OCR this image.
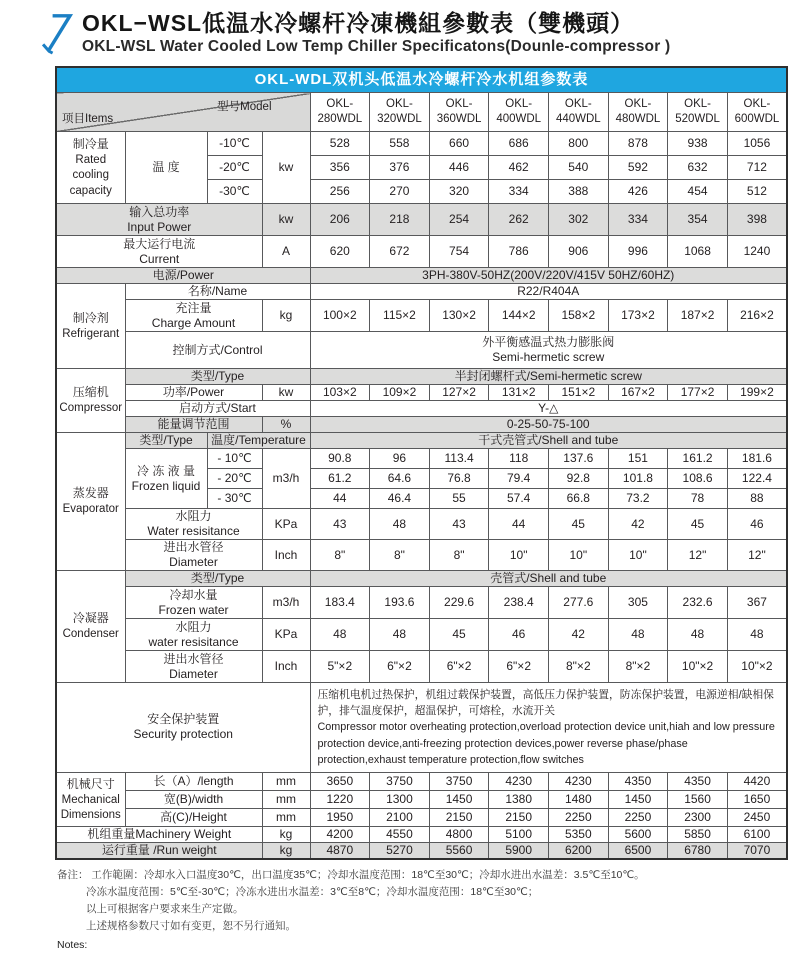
OKL−WSL低温水冷螺杆冷凍機組參數表（雙機頭）
OKL-WSL Water Cooled Low Temp Chiller Specificatons(Dounle-compressor )
OKL-WDL双机头低温水冷螺杆冷水机组参数表											

项目Items
型号Model				OKL-280WDL	OKL-320WDL	OKL-360WDL	OKL-400WDL	OKL-440WDL	OKL-480WDL	OKL-520WDL	OKL-600WDL
制冷量
Rated cooling capacity	温 度	-10℃	kw	528	558	660	686	800	878	938	1056
		-20℃		356	376	446	462	540	592	632	712
		-30℃		256	270	320	334	388	426	454	512
输入总功率
Input Power			kw	206	218	254	262	302	334	354	398
最大运行电流
Current			A	620	672	754	786	906	996	1068	1240
电源/Power				3PH-380V-50HZ(200V/220V/415V 50HZ/60HZ)							
制冷剂
Refrigerant	名称/Name			R22/R404A							
	充注量
Charge Amount		kg	100×2	115×2	130×2	144×2	158×2	173×2	187×2	216×2
	控制方式/Control			外平衡感温式热力膨胀阀
Semi-hermetic screw							
压缩机
Compressor	类型/Type			半封闭螺杆式/Semi-hermetic screw							
	功率/Power		kw	103×2	109×2	127×2	131×2	151×2	167×2	177×2	199×2
	启动方式/Start			Y-△							
	能量调节范围		%	0-25-50-75-100							
蒸发器
Evaporator	类型/Type	温度/Temperature		干式壳管式/Shell and tube							
	冷 冻 液 量
Frozen liquid	- 10℃	m3/h	90.8	96	113.4	118	137.6	151	161.2	181.6
		- 20℃		61.2	64.6	76.8	79.4	92.8	101.8	108.6	122.4
		- 30℃		44	46.4	55	57.4	66.8	73.2	78	88
	水阻力
Water resisitance		KPa	43	48	43	44	45	42	45	46
	进出水管径
Diameter		Inch	8"	8"	8"	10"	10"	10"	12"	12"
冷凝器
Condenser	类型/Type			壳管式/Shell and tube							
	冷却水量
Frozen water		m3/h	183.4	193.6	229.6	238.4	277.6	305	232.6	367
	水阻力
water resisitance		KPa	48	48	45	46	42	48	48	48
	进出水管径
Diameter		Inch	5"×2	6"×2	6"×2	6"×2	8"×2	8"×2	10"×2	10"×2
安全保护装置
Security protection				压缩机电机过热保护，机组过载保护装置，高低压力保护装置，防冻保护装置，电源逆相/缺相保护，排气温度保护，超温保护，可熔栓，水流开关
Compressor motor overheating protection,overload protection device unit,hiah and low pressure protection device,anti-freezing protection devices,power reverse phase/phase protection,exhaust temperature protection,flow switches							
机械尺寸
Mechanical
Dimensions	长（A）/length		mm	3650	3750	3750	4230	4230	4350	4350	4420
	宽(B)/width		mm	1220	1300	1450	1380	1480	1450	1560	1650
	高(C)/Height		mm	1950	2100	2150	2150	2250	2250	2300	2450
机组重量Machinery Weight			kg	4200	4550	4800	5100	5350	5600	5850	6100
运行重量 /Run weight			kg	4870	5270	5560	5900	6200	6500	6780	7070
备注： 工作範圍：冷却水入口温度30℃，出口温度35℃；冷却水温度范围：18℃至30℃；冷却水进出水温差：3.5℃至10℃。
冷冻水温度范围：5℃至-30℃；冷冻水进出水温差：3℃至8℃；冷却水温度范围：18℃至30℃；
以上可根据客户要求来生产定做。
上述规格参数尺寸如有变更，恕不另行通知。
Notes:
